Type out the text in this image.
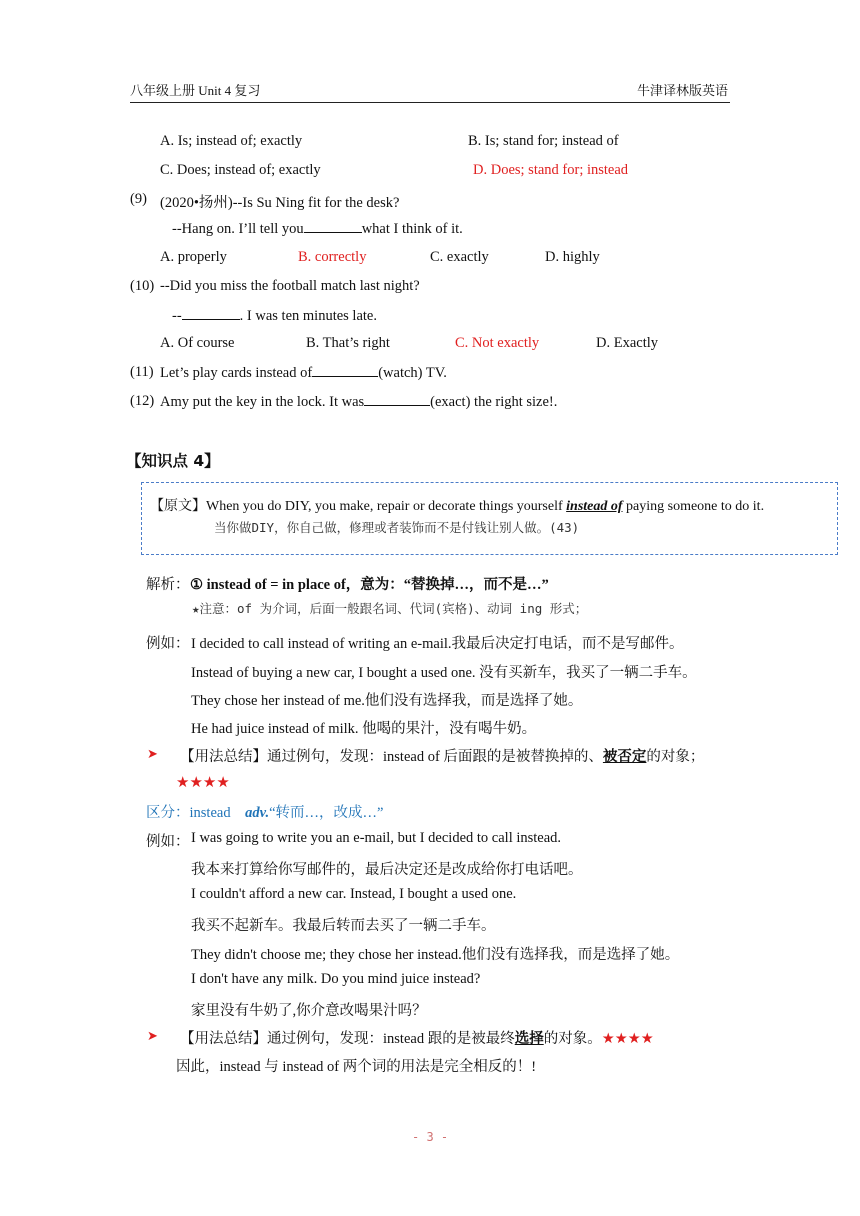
八年级上册 Unit 4 复习	牛津译林版英语
A. Is; instead of; exactly	B. Is; stand for; instead of
C. Does; instead of; exactly	D. Does; stand for; instead
(9) (2020•扬州)--Is Su Ning fit for the desk?
--Hang on. I’ll tell you	what I think of it.
A. properly	B. correctly	C. exactly	D. highly
(10) --Did you miss the football match last night?
--	. I was ten minutes late.
A. Of course	B. That’s right	C. Not exactly	D. Exactly
(11) Let’s play cards instead of	(watch) TV.
(12) Amy put the key in the lock. It was	(exact) the right size!.
【知识点 4】
【原文】When you do DIY, you make, repair or decorate things yourself instead of paying someone to do it.
当你做DIY，你自己做，修理或者装饰而不是付钱让别人做。(43)
解析： ① instead of = in place of，意为：“替换掉…，而不是…”
★注意：of 为介词，后面一般跟名词、代词(宾格)、动词 ing 形式；
例如： I decided to call instead of writing an e-mail.我最后决定打电话，而不是写邮件。
Instead of buying a new car, I bought a used one. 没有买新车，我买了一辆二手车。
They chose her instead of me.他们没有选择我，而是选择了她。
He had juice instead of milk. 他喝的果汁，没有喝牛奶。
➤ 【用法总结】通过例句，发现：instead of 后面跟的是被替换掉的、被否定的对象；
★★★★
区分：instead adv.“转而…，改成…”
例如： I was going to write you an e-mail, but I decided to call instead.
我本来打算给你写邮件的，最后决定还是改成给你打电话吧。
I couldn't afford a new car. Instead, I bought a used one.
我买不起新车。我最后转而去买了一辆二手车。
They didn't choose me; they chose her instead.他们没有选择我，而是选择了她。
I don't have any milk. Do you mind juice instead?
家里没有牛奶了,你介意改喝果汁吗？
➤ 【用法总结】通过例句，发现：instead 跟的是被最终选择的对象。★★★★
因此，instead 与 instead of 两个词的用法是完全相反的！!
- 3 -
